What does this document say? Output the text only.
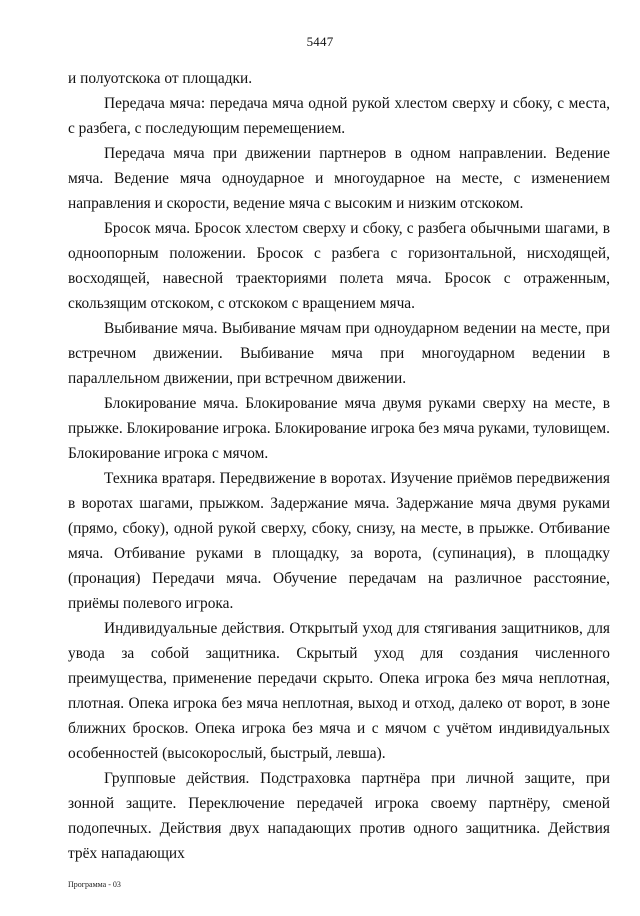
5447

и полуотскока от площадки.

Передача мяча: передача мяча одной рукой хлестом сверху и сбоку, с места, с разбега, с последующим перемещением.

Передача мяча при движении партнеров в одном направлении. Ведение мяча. Ведение мяча одноударное и многоударное на месте, с изменением направления и скорости, ведение мяча с высоким и низким отскоком.

Бросок мяча. Бросок хлестом сверху и сбоку, с разбега обычными шагами, в одноопорным положении. Бросок с разбега с горизонтальной, нисходящей, восходящей, навесной траекториями полета мяча. Бросок с отраженным, скользящим отскоком, с отскоком с вращением мяча.

Выбивание мяча. Выбивание мячам при одноударном ведении на месте, при встречном движении. Выбивание мяча при многоударном ведении в параллельном движении, при встречном движении.

Блокирование мяча. Блокирование мяча двумя руками сверху на месте, в прыжке. Блокирование игрока. Блокирование игрока без мяча руками, туловищем. Блокирование игрока с мячом.

Техника вратаря. Передвижение в воротах. Изучение приёмов передвижения в воротах шагами, прыжком. Задержание мяча. Задержание мяча двумя руками (прямо, сбоку), одной рукой сверху, сбоку, снизу, на месте, в прыжке. Отбивание мяча. Отбивание руками в площадку, за ворота, (супинация), в площадку (пронация) Передачи мяча. Обучение передачам на различное расстояние, приёмы полевого игрока.

Индивидуальные действия. Открытый уход для стягивания защитников, для увода за собой защитника. Скрытый уход для создания численного преимущества, применение передачи скрыто. Опека игрока без мяча неплотная, плотная. Опека игрока без мяча неплотная, выход и отход, далеко от ворот, в зоне ближних бросков. Опека игрока без мяча и с мячом с учётом индивидуальных особенностей (высокорослый, быстрый, левша).

Групповые действия. Подстраховка партнёра при личной защите, при зонной защите. Переключение передачей игрока своему партнёру, сменой подопечных. Действия двух нападающих против одного защитника. Действия трёх нападающих

Программа - 03
